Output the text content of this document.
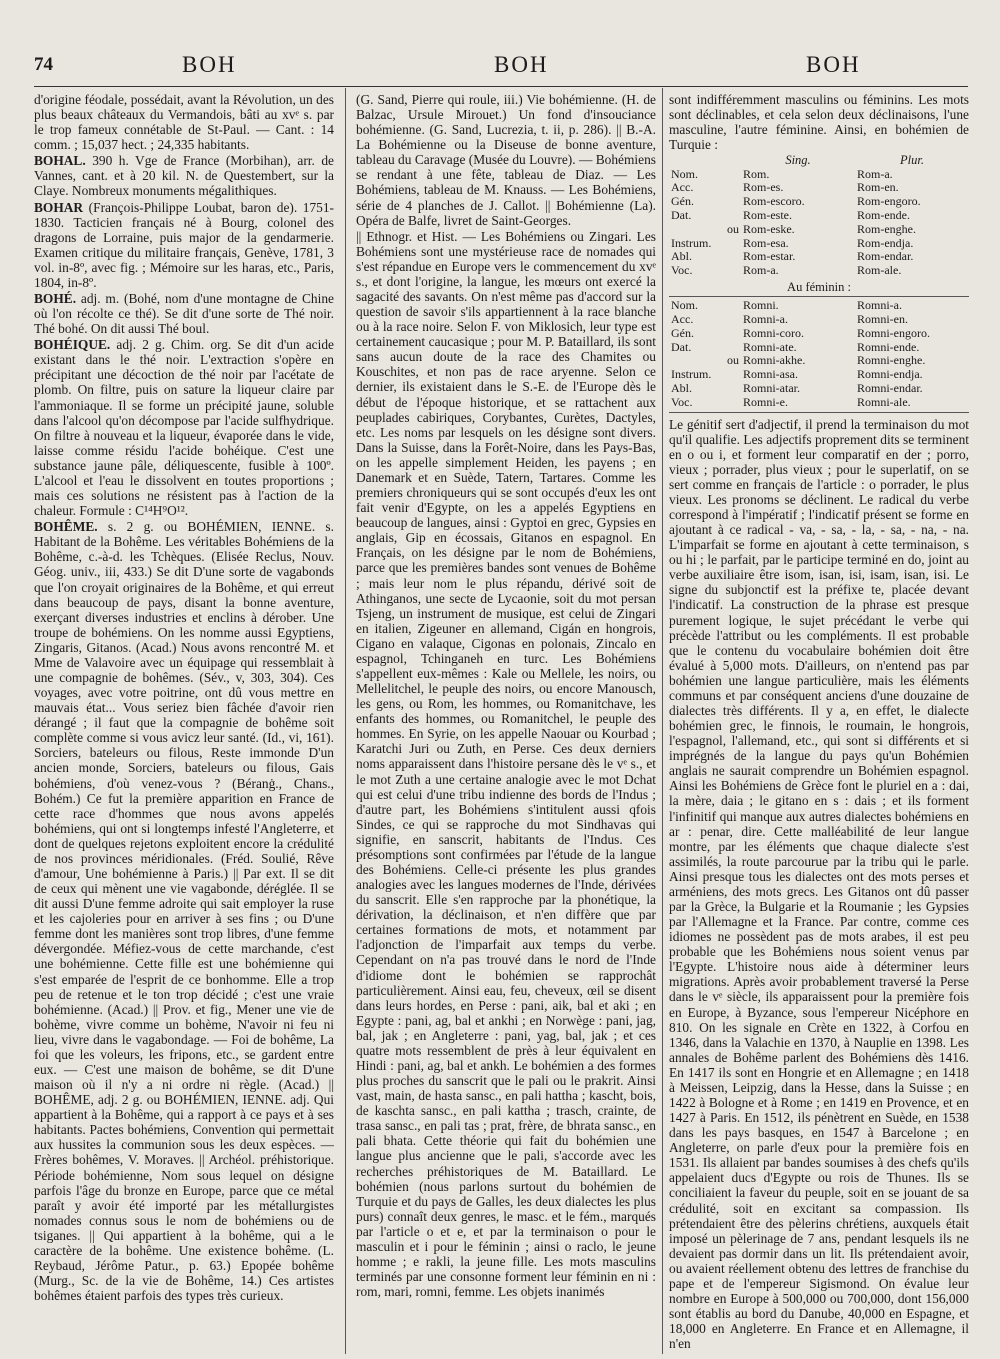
74	BOH	BOH	BOH

d'origine féodale, possédait, avant la Révolution, un des plus beaux châteaux du Vermandois, bâti au xvᵉ s. par le trop fameux connétable de St-Paul. — Cant. : 14 comm. ; 15,037 hect. ; 24,335 habitants.

BOHAL. 390 h. Vge de France (Morbihan), arr. de Vannes, cant. et à 20 kil. N. de Questembert, sur la Claye. Nombreux monuments mégalithiques.

BOHAR (François-Philippe Loubat, baron de). 1751-1830. Tacticien français né à Bourg, colonel des dragons de Lorraine, puis major de la gendarmerie. Examen critique du militaire français, Genève, 1781, 3 vol. in-8º, avec fig. ; Mémoire sur les haras, etc., Paris, 1804, in-8º.

BOHÉ. adj. m. (Bohé, nom d'une montagne de Chine où l'on récolte ce thé). Se dit d'une sorte de Thé noir. Thé bohé. On dit aussi Thé boul.

BOHÉIQUE. adj. 2 g. Chim. org. Se dit d'un acide existant dans le thé noir. L'extraction s'opère en précipitant une décoction de thé noir par l'acétate de plomb. On filtre, puis on sature la liqueur claire par l'ammoniaque. Il se forme un précipité jaune, soluble dans l'alcool qu'on décompose par l'acide sulfhydrique. On filtre à nouveau et la liqueur, évaporée dans le vide, laisse comme résidu l'acide bohéique. C'est une substance jaune pâle, déliquescente, fusible à 100º. L'alcool et l'eau le dissolvent en toutes proportions ; mais ces solutions ne résistent pas à l'action de la chaleur. Formule : C¹⁴H⁹O¹².

BOHÊME. s. 2 g. ou BOHÉMIEN, IENNE. s. Habitant de la Bohême. Les véritables Bohémiens de la Bohême, c.-à-d. les Tchèques. (Elisée Reclus, Nouv. Géog. univ., iii, 433.) Se dit D'une sorte de vagabonds que l'on croyait originaires de la Bohême, et qui erreut dans beaucoup de pays, disant la bonne aventure, exerçant diverses industries et enclins à dérober. Une troupe de bohémiens. On les nomme aussi Egyptiens, Zingaris, Gitanos. (Acad.) Nous avons rencontré M. et Mme de Valavoire avec un équipage qui ressemblait à une compagnie de bohêmes. (Sév., v, 303, 304). Ces voyages, avec votre poitrine, ont dû vous mettre en mauvais état... Vous seriez bien fâchée d'avoir rien dérangé ; il faut que la compagnie de bohême soit complète comme si vous avicz leur santé. (Id., vi, 161). Sorciers, bateleurs ou filous, Reste immonde D'un ancien monde, Sorciers, bateleurs ou filous, Gais bohémiens, d'où venez-vous ? (Béranġ., Chans., Bohém.) Ce fut la première apparition en France de cette race d'hommes que nous avons appelés bohémiens, qui ont si longtemps infesté l'Angleterre, et dont de quelques rejetons exploitent encore la crédulité de nos provinces méridionales. (Fréd. Soulié, Rêve d'amour, Une bohémienne à Paris.) || Par ext. Il se dit de ceux qui mènent une vie vagabonde, déréglée. Il se dit aussi D'une femme adroite qui sait employer la ruse et les cajoleries pour en arriver à ses fins ; ou D'une femme dont les manières sont trop libres, d'une femme dévergondée. Méfiez-vous de cette marchande, c'est une bohémienne. Cette fille est une bohémienne qui s'est emparée de l'esprit de ce bonhomme. Elle a trop peu de retenue et le ton trop décidé ; c'est une vraie bohémienne. (Acad.) || Prov. et fig., Mener une vie de bohème, vivre comme un bohème, N'avoir ni feu ni lieu, vivre dans le vagabondage. — Foi de bohême, La foi que les voleurs, les fripons, etc., se gardent entre eux. — C'est une maison de bohême, se dit D'une maison où il n'y a ni ordre ni règle. (Acad.) || BOHÊME, adj. 2 g. ou BOHÉMIEN, IENNE. adj. Qui appartient à la Bohême, qui a rapport à ce pays et à ses habitants. Pactes bohémiens, Convention qui permettait aux hussites la communion sous les deux espèces. — Frères bohêmes, V. Moraves. || Archéol. préhistorique. Période bohémienne, Nom sous lequel on désigne parfois l'âge du bronze en Europe, parce que ce métal paraît y avoir été importé par les métallurgistes nomades connus sous le nom de bohémiens ou de tsiganes. || Qui appartient à la bohême, qui a le caractère de la bohême. Une existence bohême. (L. Reybaud, Jérôme Patur., p. 63.) Epopée bohême (Murg., Sc. de la vie de Bohême, 14.) Ces artistes bohêmes étaient parfois des types très curieux.

(G. Sand, Pierre qui roule, iii.) Vie bohémienne. (H. de Balzac, Ursule Mirouet.) Un fond d'insouciance bohémienne. (G. Sand, Lucrezia, t. ii, p. 286). || B.-A. La Bohémienne ou la Diseuse de bonne aventure, tableau du Caravage (Musée du Louvre). — Bohémiens se rendant à une fête, tableau de Diaz. — Les Bohémiens, tableau de M. Knauss. — Les Bohémiens, série de 4 planches de J. Callot. || Bohémienne (La). Opéra de Balfe, livret de Saint-Georges.

|| Ethnogr. et Hist. — Les Bohémiens ou Zingari. Les Bohémiens sont une mystérieuse race de nomades qui s'est répandue en Europe vers le commencement du xvᵉ s., et dont l'origine, la langue, les mœurs ont exercé la sagacité des savants. On n'est même pas d'accord sur la question de savoir s'ils appartiennent à la race blanche ou à la race noire. Selon F. von Miklosich, leur type est certainement caucasique ; pour M. P. Bataillard, ils sont sans aucun doute de la race des Chamites ou Kouschites, et non pas de race aryenne. Selon ce dernier, ils existaient dans le S.-E. de l'Europe dès le début de l'époque historique, et se rattachent aux peuplades cabiriques, Corybantes, Curètes, Dactyles, etc. Les noms par lesquels on les désigne sont divers. Dans la Suisse, dans la Forêt-Noire, dans les Pays-Bas, on les appelle simplement Heiden, les payens ; en Danemark et en Suède, Tatern, Tartares. Comme les premiers chroniqueurs qui se sont occupés d'eux les ont fait venir d'Egypte, on les a appelés Egyptiens en beaucoup de langues, ainsi : Gyptoi en grec, Gypsies en anglais, Gip en écossais, Gitanos en espagnol. En Français, on les désigne par le nom de Bohémiens, parce que les premières bandes sont venues de Bohême ; mais leur nom le plus répandu, dérivé soit de Athinganos, une secte de Lycaonie, soit du mot persan Tsjeng, un instrument de musique, est celui de Zingari en italien, Zigeuner en allemand, Cigán en hongrois, Cigano en valaque, Cigonas en polonais, Zincalo en espagnol, Tchinganeh en turc. Les Bohémiens s'appellent eux-mêmes : Kale ou Mellele, les noirs, ou Mellelitchel, le peuple des noirs, ou encore Manousch, les gens, ou Rom, les hommes, ou Romanitchave, les enfants des hommes, ou Romanitchel, le peuple des hommes. En Syrie, on les appelle Naouar ou Kourbad ; Karatchi Juri ou Zuth, en Perse. Ces deux derniers noms apparaissent dans l'histoire persane dès le vᵉ s., et le mot Zuth a une certaine analogie avec le mot Dchat qui est celui d'une tribu indienne des bords de l'Indus ; d'autre part, les Bohémiens s'intitulent aussi qfois Sindes, ce qui se rapproche du mot Sindhavas qui signifie, en sanscrit, habitants de l'Indus. Ces présomptions sont confirmées par l'étude de la langue des Bohémiens. Celle-ci présente les plus grandes analogies avec les langues modernes de l'Inde, dérivées du sanscrit. Elle s'en rapproche par la phonétique, la dérivation, la déclinaison, et n'en diffère que par certaines formations de mots, et notamment par l'adjonction de l'imparfait aux temps du verbe. Cependant on n'a pas trouvé dans le nord de l'Inde d'idiome dont le bohémien se rapprochât particulièrement. Ainsi eau, feu, cheveux, œil se disent dans leurs hordes, en Perse : pani, aik, bal et aki ; en Egypte : pani, ag, bal et ankhi ; en Norwège : pani, jag, bal, jak ; en Angleterre : pani, yag, bal, jak ; et ces quatre mots ressemblent de près à leur équivalent en Hindi : pani, ag, bal et ankh. Le bohémien a des formes plus proches du sanscrit que le pali ou le prakrit. Ainsi vast, main, de hasta sansc., en pali hattha ; kascht, bois, de kaschta sansc., en pali kattha ; trasch, crainte, de trasa sansc., en pali tas ; prat, frère, de bhrata sansc., en pali bhata. Cette théorie qui fait du bohémien une langue plus ancienne que le pali, s'accorde avec les recherches préhistoriques de M. Bataillard. Le bohémien (nous parlons surtout du bohémien de Turquie et du pays de Galles, les deux dialectes les plus purs) connaît deux genres, le masc. et le fém., marqués par l'article o et e, et par la terminaison o pour le masculin et i pour le féminin ; ainsi o raclo, le jeune homme ; e rakli, la jeune fille. Les mots masculins terminés par une consonne forment leur féminin en ni : rom, mari, romni, femme. Les objets inanimés

sont indifféremment masculins ou féminins. Les mots sont déclinables, et cela selon deux déclinaisons, l'une masculine, l'autre féminine. Ainsi, en bohémien de Turquie :

	Sing.	Plur.
Nom.	Rom.	Rom-a.
Acc.	Rom-es.	Rom-en.
Gén.	Rom-escoro.	Rom-engoro.
Dat.	Rom-este.	Rom-ende.
ou	Rom-eske.	Rom-enghe.
Instrum.	Rom-esa.	Rom-endja.
Abl.	Rom-estar.	Rom-endar.
Voc.	Rom-a.	Rom-ale.
Au féminin :
Nom.	Romni.	Romni-a.
Acc.	Romni-a.	Romni-en.
Gén.	Romni-coro.	Romni-engoro.
Dat.	Romni-ate.	Romni-ende.
ou	Romni-akhe.	Romni-enghe.
Instrum.	Romni-asa.	Romni-endja.
Abl.	Romni-atar.	Romni-endar.
Voc.	Romni-e.	Romni-ale.

Le génitif sert d'adjectif, il prend la terminaison du mot qu'il qualifie. Les adjectifs proprement dits se terminent en o ou i, et forment leur comparatif en der ; porro, vieux ; porrader, plus vieux ; pour le superlatif, on se sert comme en français de l'article : o porrader, le plus vieux. Les pronoms se déclinent. Le radical du verbe correspond à l'impératif ; l'indicatif présent se forme en ajoutant à ce radical - va, - sa, - la, - sa, - na, - na. L'imparfait se forme en ajoutant à cette terminaison, s ou hi ; le parfait, par le participe terminé en do, joint au verbe auxiliaire être isom, isan, isi, isam, isan, isi. Le signe du subjonctif est la préfixe te, placée devant l'indicatif. La construction de la phrase est presque purement logique, le sujet précédant le verbe qui précède l'attribut ou les compléments. Il est probable que le contenu du vocabulaire bohémien doit être évalué à 5,000 mots. D'ailleurs, on n'entend pas par bohémien une langue particulière, mais les éléments communs et par conséquent anciens d'une douzaine de dialectes très différents. Il y a, en effet, le dialecte bohémien grec, le finnois, le roumain, le hongrois, l'espagnol, l'allemand, etc., qui sont si différents et si imprégnés de la langue du pays qu'un Bohémien anglais ne saurait comprendre un Bohémien espagnol. Ainsi les Bohémiens de Grèce font le pluriel en a : dai, la mère, daia ; le gitano en s : dais ; et ils forment l'infinitif qui manque aux autres dialectes bohémiens en ar : penar, dire. Cette malléabilité de leur langue montre, par les éléments que chaque dialecte s'est assimilés, la route parcourue par la tribu qui le parle. Ainsi presque tous les dialectes ont des mots perses et arméniens, des mots grecs. Les Gitanos ont dû passer par la Grèce, la Bulgarie et la Roumanie ; les Gypsies par l'Allemagne et la France. Par contre, comme ces idiomes ne possèdent pas de mots arabes, il est peu probable que les Bohémiens nous soient venus par l'Egypte. L'histoire nous aide à déterminer leurs migrations. Après avoir probablement traversé la Perse dans le vᵉ siècle, ils apparaissent pour la première fois en Europe, à Byzance, sous l'empereur Nicéphore en 810. On les signale en Crète en 1322, à Corfou en 1346, dans la Valachie en 1370, à Nauplie en 1398. Les annales de Bohême parlent des Bohémiens dès 1416. En 1417 ils sont en Hongrie et en Allemagne ; en 1418 à Meissen, Leipzig, dans la Hesse, dans la Suisse ; en 1422 à Bologne et à Rome ; en 1419 en Provence, et en 1427 à Paris. En 1512, ils pénètrent en Suède, en 1538 dans les pays basques, en 1547 à Barcelone ; en Angleterre, on parle d'eux pour la première fois en 1531. Ils allaient par bandes soumises à des chefs qu'ils appelaient ducs d'Egypte ou rois de Thunes. Ils se conciliaient la faveur du peuple, soit en se jouant de sa crédulité, soit en excitant sa compassion. Ils prétendaient être des pèlerins chrétiens, auxquels était imposé un pèlerinage de 7 ans, pendant lesquels ils ne devaient pas dormir dans un lit. Ils prétendaient avoir, ou avaient réellement obtenu des lettres de franchise du pape et de l'empereur Sigismond. On évalue leur nombre en Europe à 500,000 ou 700,000, dont 156,000 sont établis au bord du Danube, 40,000 en Espagne, et 18,000 en Angleterre. En France et en Allemagne, il n'en
